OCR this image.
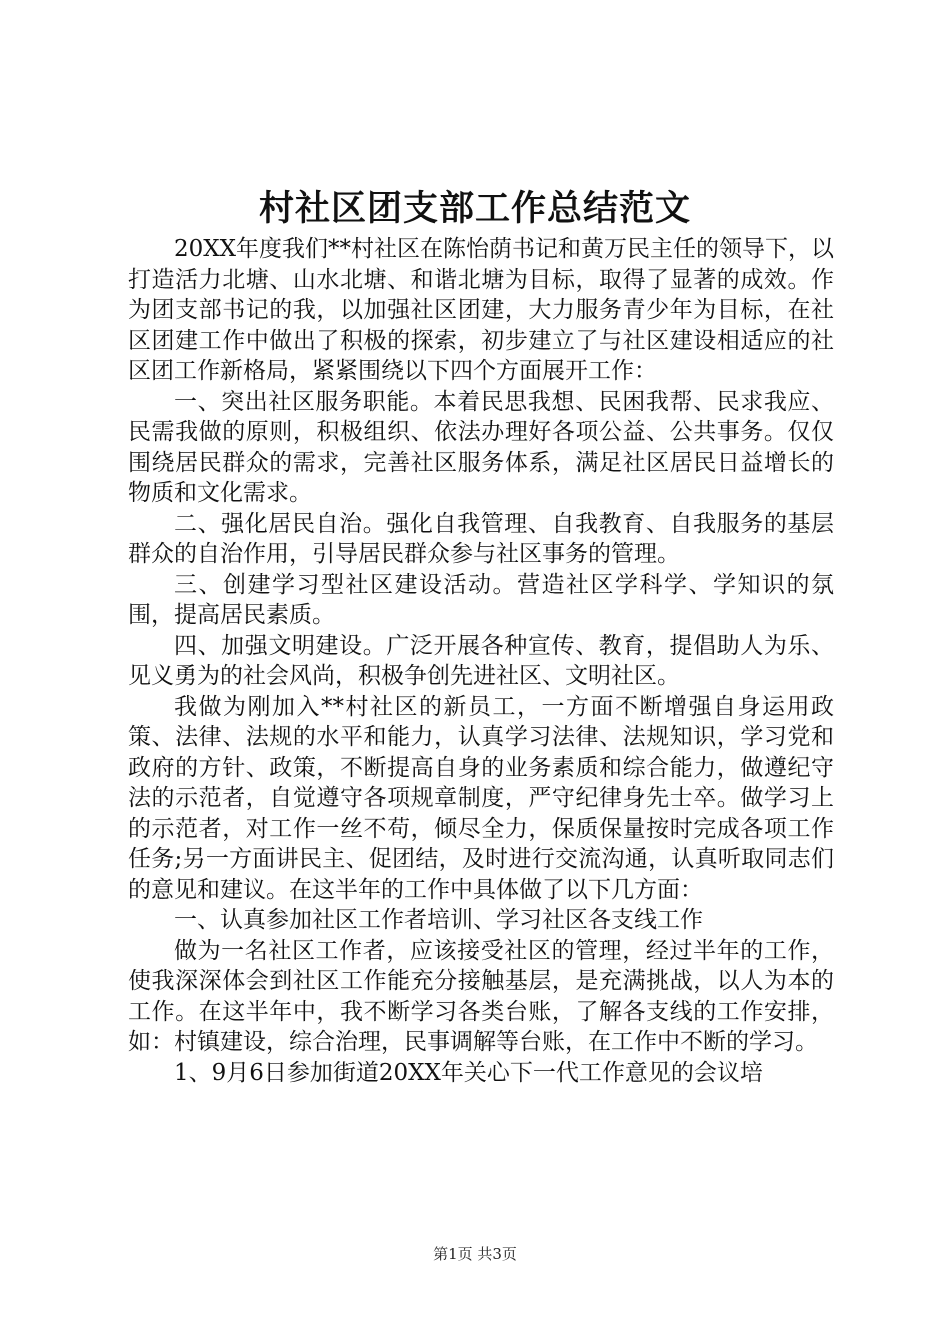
村社区团支部工作总结范文

20XX年度我们**村社区在陈怡荫书记和黄万民主任的领导下，以打造活力北塘、山水北塘、和谐北塘为目标，取得了显著的成效。作为团支部书记的我，以加强社区团建，大力服务青少年为目标，在社区团建工作中做出了积极的探索，初步建立了与社区建设相适应的社区团工作新格局，紧紧围绕以下四个方面展开工作：

一、突出社区服务职能。本着民思我想、民困我帮、民求我应、民需我做的原则，积极组织、依法办理好各项公益、公共事务。仅仅围绕居民群众的需求，完善社区服务体系，满足社区居民日益增长的物质和文化需求。

二、强化居民自治。强化自我管理、自我教育、自我服务的基层群众的自治作用，引导居民群众参与社区事务的管理。

三、创建学习型社区建设活动。营造社区学科学、学知识的氛围，提高居民素质。

四、加强文明建设。广泛开展各种宣传、教育，提倡助人为乐、见义勇为的社会风尚，积极争创先进社区、文明社区。

我做为刚加入**村社区的新员工，一方面不断增强自身运用政策、法律、法规的水平和能力，认真学习法律、法规知识，学习党和政府的方针、政策，不断提高自身的业务素质和综合能力，做遵纪守法的示范者，自觉遵守各项规章制度，严守纪律身先士卒。做学习上的示范者，对工作一丝不苟，倾尽全力，保质保量按时完成各项工作任务;另一方面讲民主、促团结，及时进行交流沟通，认真听取同志们的意见和建议。在这半年的工作中具体做了以下几方面：

一、认真参加社区工作者培训、学习社区各支线工作

做为一名社区工作者，应该接受社区的管理，经过半年的工作，使我深深体会到社区工作能充分接触基层，是充满挑战，以人为本的工作。在这半年中，我不断学习各类台账，了解各支线的工作安排，如：村镇建设，综合治理，民事调解等台账，在工作中不断的学习。

1、9月6日参加街道20XX年关心下一代工作意见的会议培

第1页 共3页
